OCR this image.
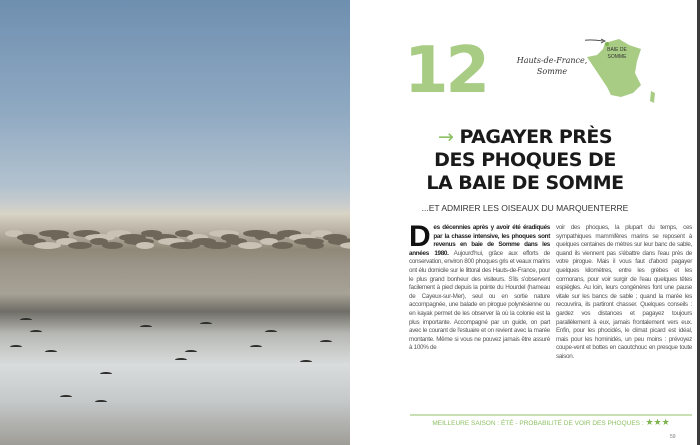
12	Hauts-de-France,
Somme
BAIE DE
SOMME
→ PAGAYER PRÈS
DES PHOQUES DE
LA BAIE DE SOMME
...ET ADMIRER LES OISEAUX DU MARQUENTERRE
Des décennies après y avoir été éradiqués par la chasse intensive, les phoques sont revenus en baie de Somme dans les années 1980. Aujourd'hui, grâce aux efforts de conservation, environ 800 phoques gris et veaux marins ont élu domicile sur le littoral des Hauts-de-France, pour le plus grand bonheur des visiteurs. S'ils s'observent facilement à pied depuis la pointe du Hourdel (hameau de Cayeux-sur-Mer), seul ou en sortie nature accompagnée, une balade en pirogue polynésienne ou en kayak permet de les observer là où la colonie est la plus importante. Accompagné par un guide, on part avec le courant de l'estuaire et on revient avec la marée montante. Même si vous ne pouvez jamais être assuré à 100% de
voir des phoques, la plupart du temps, ces sympathiques mammifères marins se reposent à quelques centaines de mètres sur leur banc de sable, quand ils viennent pas s'ébattre dans l'eau près de votre pirogue. Mais il vous faut d'abord pagayer quelques kilomètres, entre les grèbes et les cormorans, pour voir surgir de l'eau quelques têtes espiègles. Au loin, leurs congénères font une pause vitale sur les bancs de sable ; quand la marée les recouvrira, ils partiront chasser. Quelques conseils : gardez vos distances et pagayez toujours parallèlement à eux, jamais frontalement vers eux. Enfin, pour les phocidés, le climat picard est idéal, mais pour les hominidés, un peu moins : prévoyez coupe-vent et bottes en caoutchouc en presque toute saison.
MEILLEURE SAISON : ÉTÉ - PROBABILITÉ DE VOIR DES PHOQUES : ★★★
59
